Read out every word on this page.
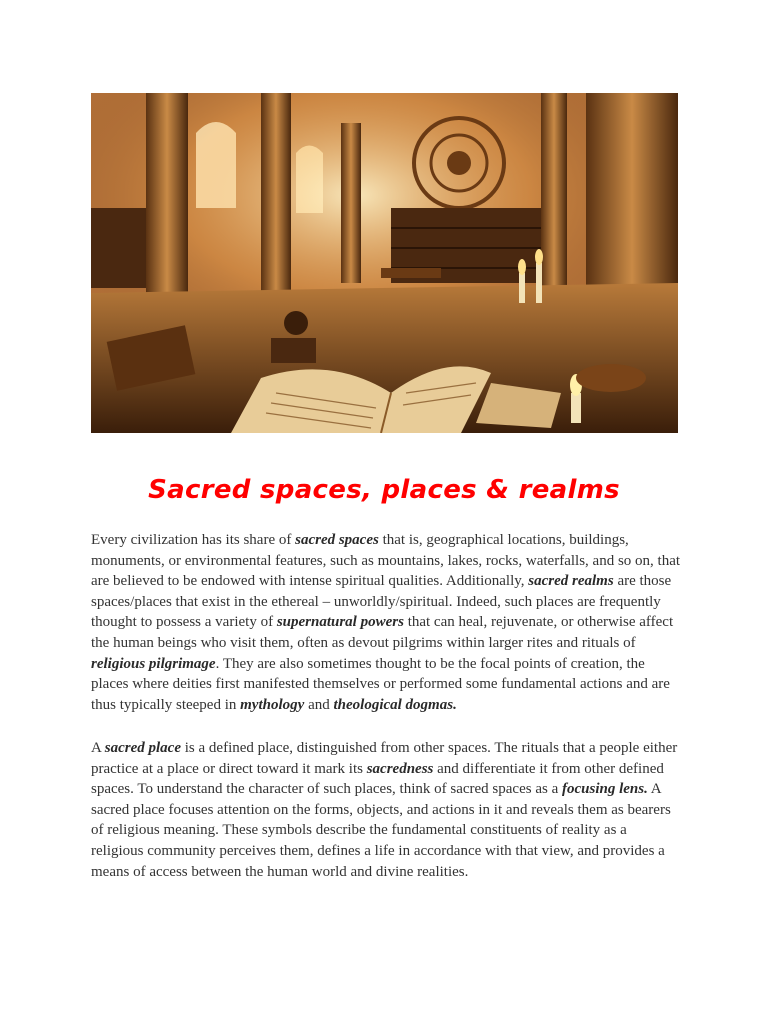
Sacred spaces, places & realms

Every civilization has its share of sacred spaces that is, geographical locations, buildings, monuments, or environmental features, such as mountains, lakes, rocks, waterfalls, and so on, that are believed to be endowed with intense spiritual qualities. Additionally, sacred realms are those spaces/places that exist in the ethereal – unworldly/spiritual. Indeed, such places are frequently thought to possess a variety of supernatural powers that can heal, rejuvenate, or otherwise affect the human beings who visit them, often as devout pilgrims within larger rites and rituals of religious pilgrimage. They are also sometimes thought to be the focal points of creation, the places where deities first manifested themselves or performed some fundamental actions and are thus typically steeped in mythology and theological dogmas.

A sacred place is a defined place, distinguished from other spaces. The rituals that a people either practice at a place or direct toward it mark its sacredness and differentiate it from other defined spaces. To understand the character of such places, think of sacred spaces as a focusing lens. A sacred place focuses attention on the forms, objects, and actions in it and reveals them as bearers of religious meaning. These symbols describe the fundamental constituents of reality as a religious community perceives them, defines a life in accordance with that view, and provides a means of access between the human world and divine realities.
